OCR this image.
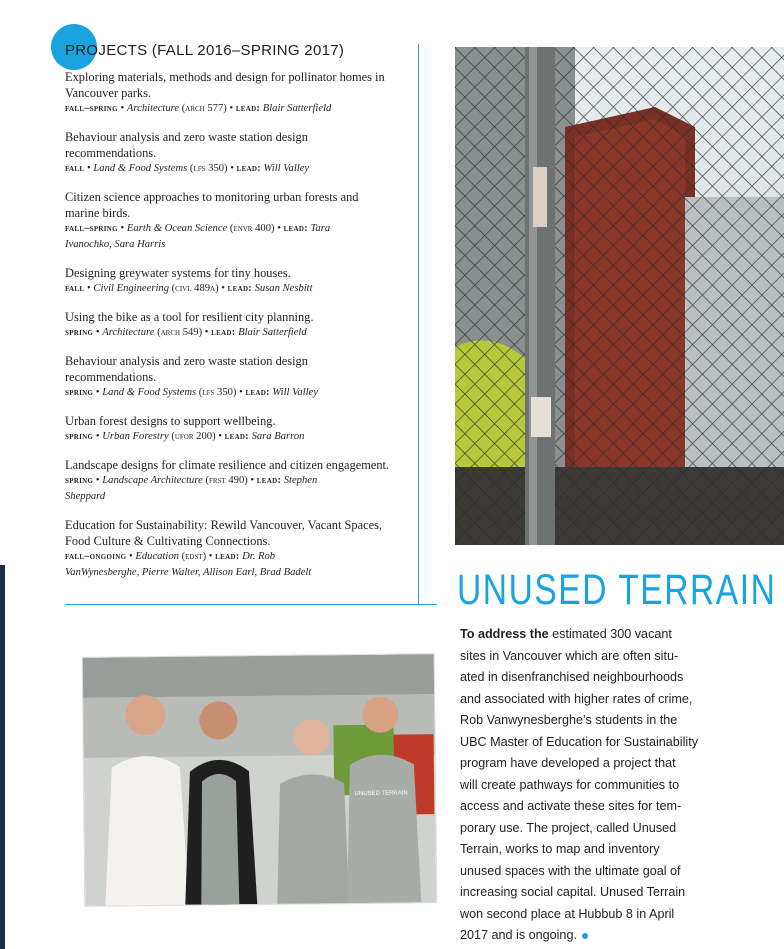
PROJECTS (FALL 2016–SPRING 2017)
Exploring materials, methods and design for pollinator homes in
Vancouver parks.
fall–spring • Architecture (arch 577) • lead: Blair Satterfield
Behaviour analysis and zero waste station design
recommendations.
fall • Land & Food Systems (lfs 350) • lead: Will Valley
Citizen science approaches to monitoring urban forests and
marine birds.
fall–spring • Earth & Ocean Science (envr 400) • lead: Tara
Ivanochko, Sara Harris
Designing greywater systems for tiny houses.
fall • Civil Engineering (civl 489a) • lead: Susan Nesbitt
Using the bike as a tool for resilient city planning.
spring • Architecture (arch 549) • lead: Blair Satterfield
Behaviour analysis and zero waste station design
recommendations.
spring • Land & Food Systems (lfs 350) • lead: Will Valley
Urban forest designs to support wellbeing.
spring • Urban Forestry (ufor 200) • lead: Sara Barron
Landscape designs for climate resilience and citizen engagement.
spring • Landscape Architecture (frst 490) • lead: Stephen
Sheppard
Education for Sustainability: Rewild Vancouver, Vacant Spaces,
Food Culture & Cultivating Connections.
fall–ongoing • Education (edst) • lead: Dr. Rob
VanWynesberghe, Pierre Walter, Allison Earl, Brad Badelt
UNUSED TERRAIN
UNUSED TERRAIN
To address the estimated 300 vacant
sites in Vancouver which are often situ-
ated in disenfranchised neighbourhoods
and associated with higher rates of crime,
Rob Vanwynesberghe’s students in the
UBC Master of Education for Sustainability
program have developed a project that
will create pathways for communities to
access and activate these sites for tem-
porary use. The project, called Unused
Terrain, works to map and inventory
unused spaces with the ultimate goal of
increasing social capital. Unused Terrain
won second place at Hubbub 8 in April
2017 and is ongoing.
